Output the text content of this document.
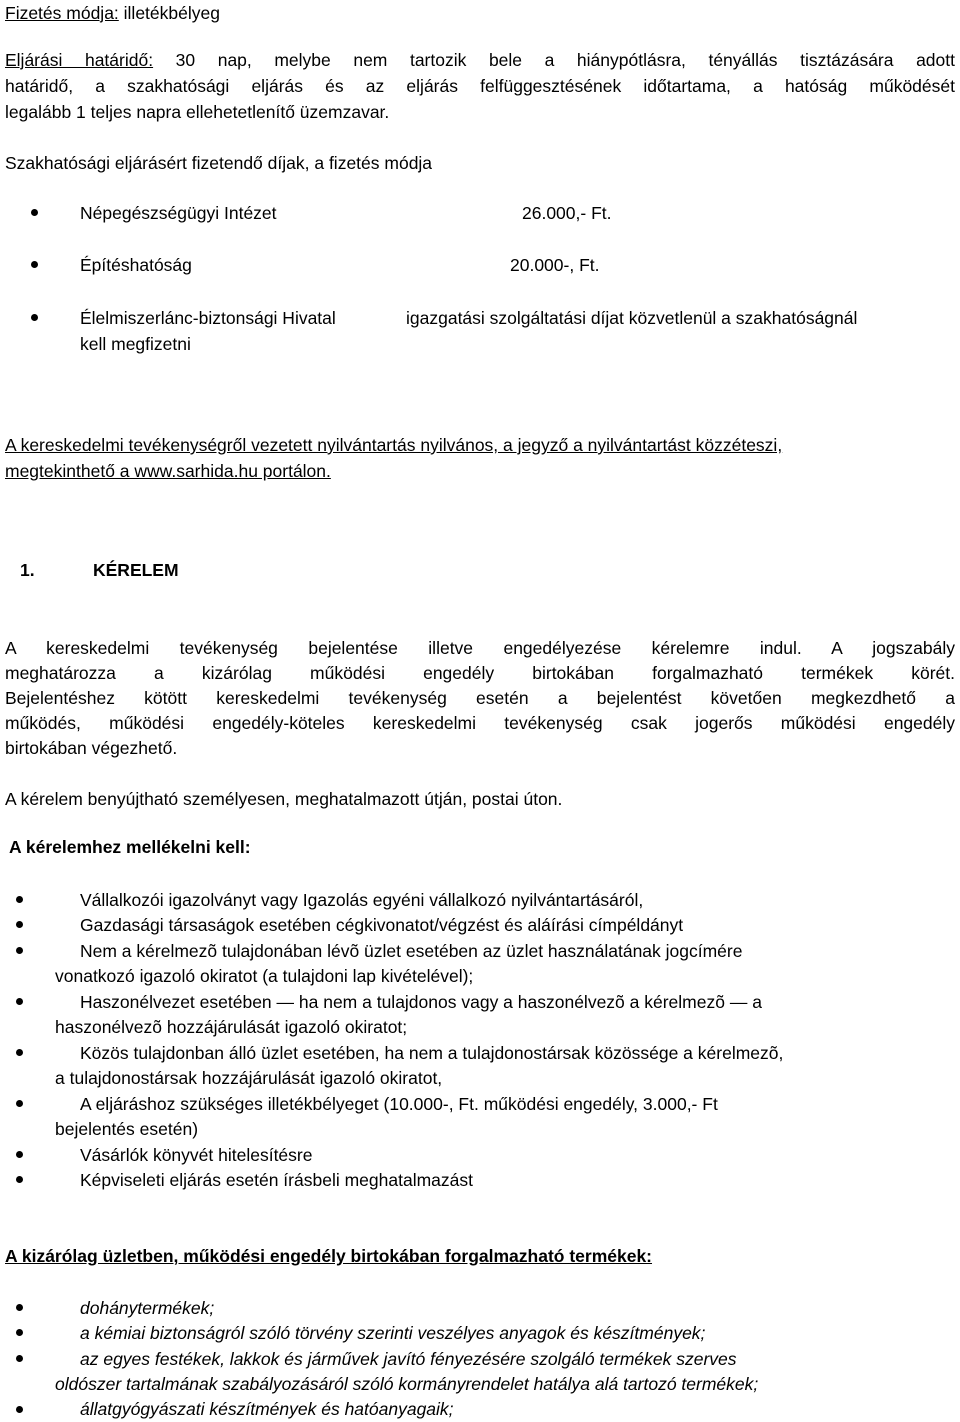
Fizetés módja: illetékbélyeg
Eljárási határidő: 30 nap, melybe nem tartozik bele a hiánypótlásra, tényállás tisztázására adott
határidő, a szakhatósági eljárás és az eljárás felfüggesztésének időtartama, a hatóság működését
legalább 1 teljes napra ellehetetlenítő üzemzavar.
Szakhatósági eljárásért fizetendő díjak, a fizetés módja
Népegészségügyi Intézet	26.000,- Ft.
Építéshatóság	20.000-, Ft.
Élelmiszerlánc-biztonsági Hivatal	igazgatási szolgáltatási díjat közvetlenül a szakhatóságnál
kell megfizetni
A kereskedelmi tevékenységről vezetett nyilvántartás nyilvános, a jegyző a nyilvántartást közzéteszi,
megtekinthető a www.sarhida.hu portálon.
1.	KÉRELEM
A kereskedelmi tevékenység bejelentése illetve engedélyezése kérelemre indul. A jogszabály
meghatározza a kizárólag működési engedély birtokában forgalmazható termékek körét.
Bejelentéshez kötött kereskedelmi tevékenység esetén a bejelentést követően megkezdhető a
működés, működési engedély-köteles kereskedelmi tevékenység csak jogerős működési engedély
birtokában végezhető.
A kérelem benyújtható személyesen, meghatalmazott útján, postai úton.
A kérelemhez mellékelni kell:
Vállalkozói igazolványt vagy Igazolás egyéni vállalkozó nyilvántartásáról,
Gazdasági társaságok esetében cégkivonatot/végzést és aláírási címpéldányt
Nem a kérelmezõ tulajdonában lévõ üzlet esetében az üzlet használatának jogcímére
vonatkozó igazoló okiratot (a tulajdoni lap kivételével);
Haszonélvezet esetében — ha nem a tulajdonos vagy a haszonélvezõ a kérelmezõ — a
haszonélvezõ hozzájárulását igazoló okiratot;
Közös tulajdonban álló üzlet esetében, ha nem a tulajdonostársak közössége a kérelmezõ,
a tulajdonostársak hozzájárulását igazoló okiratot,
A eljáráshoz szükséges illetékbélyeget (10.000-, Ft. működési engedély, 3.000,- Ft
bejelentés esetén)
Vásárlók könyvét hitelesítésre
Képviseleti eljárás esetén írásbeli meghatalmazást
A kizárólag üzletben, működési engedély birtokában forgalmazható termékek:
dohánytermékek;
a kémiai biztonságról szóló törvény szerinti veszélyes anyagok és készítmények;
az egyes festékek, lakkok és járművek javító fényezésére szolgáló termékek szerves
oldószer tartalmának szabályozásáról szóló kormányrendelet hatálya alá tartozó termékek;
állatgyógyászati készítmények és hatóanyagaik;
